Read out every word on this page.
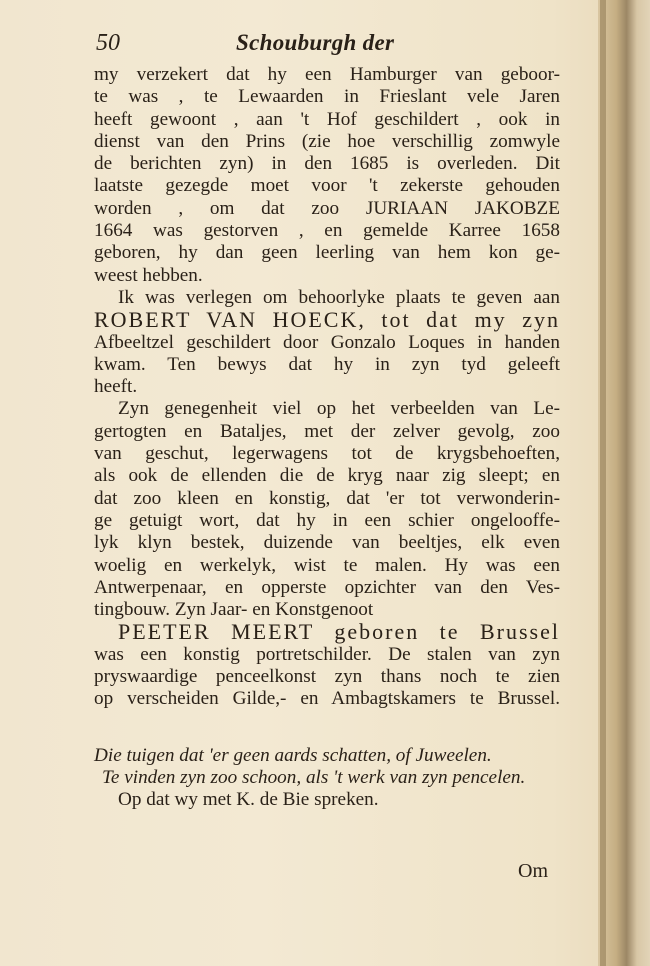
50	Schouburgh der
my verzekert dat hy een Hamburger van geboor-
te was , te Lewaarden in Frieslant vele Jaren
heeft gewoont , aan 't Hof geschildert , ook in
dienst van den Prins (zie hoe verschillig zomwyle
de berichten zyn) in den 1685 is overleden. Dit
laatste gezegde moet voor 't zekerste gehouden
worden , om dat zoo JURIAAN JAKOBZE
1664 was gestorven , en gemelde Karree 1658
geboren, hy dan geen leerling van hem kon ge-
weest hebben.
Ik was verlegen om behoorlyke plaats te geven aan
ROBERT VAN HOECK, tot dat my zyn
Afbeeltzel geschildert door Gonzalo Loques in handen
kwam. Ten bewys dat hy in zyn tyd geleeft
heeft.
Zyn genegenheit viel op het verbeelden van Le-
gertogten en Bataljes, met der zelver gevolg, zoo
van geschut, legerwagens tot de krygsbehoeften,
als ook de ellenden die de kryg naar zig sleept; en
dat zoo kleen en konstig, dat 'er tot verwonderin-
ge getuigt wort, dat hy in een schier ongelooffe-
lyk klyn bestek, duizende van beeltjes, elk even
woelig en werkelyk, wist te malen. Hy was een
Antwerpenaar, en opperste opzichter van den Ves-
tingbouw. Zyn Jaar- en Konstgenoot
PEETER MEERT geboren te Brussel
was een konstig portretschilder. De stalen van zyn
pryswaardige penceelkonst zyn thans noch te zien
op verscheiden Gilde,- en Ambagtskamers te Brussel.
Die tuigen dat 'er geen aards schatten, of Juweelen.
Te vinden zyn zoo schoon, als 't werk van zyn pencelen.
Op dat wy met K. de Bie spreken.
Om
